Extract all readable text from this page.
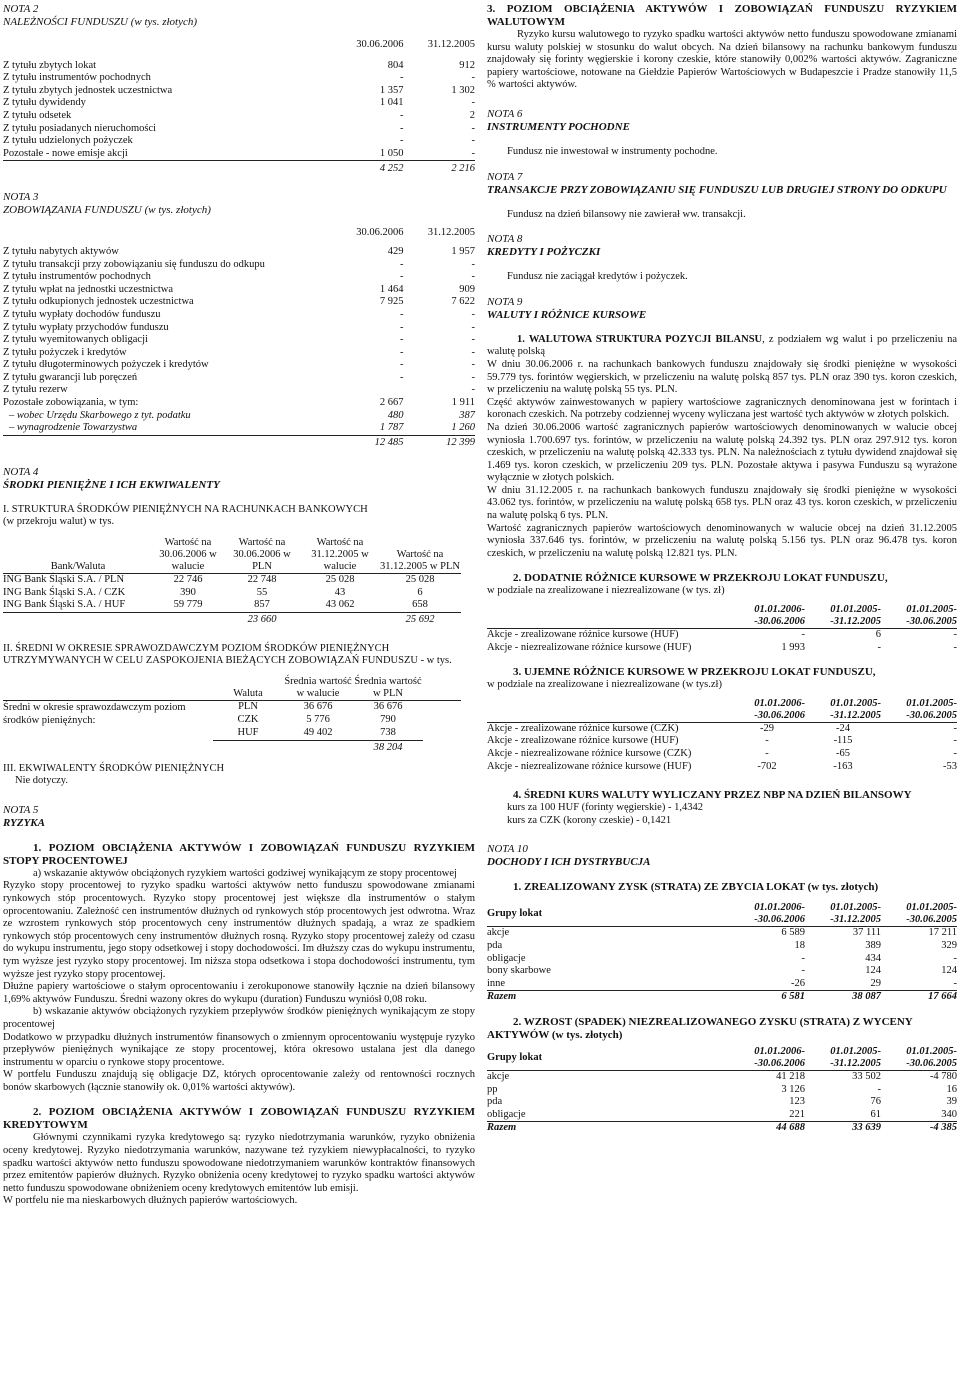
NOTA 2
NALEŻNOŚCI FUNDUSZU (w tys. złotych)
	30.06.2006	31.12.2005

Z tytułu zbytych lokat	804	912
Z tytułu instrumentów pochodnych	-	-
Z tytułu zbytych jednostek uczestnictwa	1 357	1 302
Z tytułu dywidendy	1 041	-
Z tytułu odsetek	-	2
Z tytułu posiadanych nieruchomości	-	-
Z tytułu udzielonych pożyczek	-	-
Pozostałe - nowe emisje akcji	1 050	-
	4 252	2 216
NOTA 3
ZOBOWIĄZANIA FUNDUSZU (w tys. złotych)
	30.06.2006	31.12.2005

Z tytułu nabytych aktywów	429	1 957
Z tytułu transakcji przy zobowiązaniu się funduszu do odkupu	-	-
Z tytułu instrumentów pochodnych	-	-
Z tytułu wpłat na jednostki uczestnictwa	1 464	909
Z tytułu odkupionych jednostek uczestnictwa	7 925	7 622
Z tytułu wypłaty dochodów funduszu	-	-
Z tytułu wypłaty przychodów funduszu	-	-
Z tytułu wyemitowanych obligacji	-	-
Z tytułu pożyczek i kredytów	-	-
Z tytułu długoterminowych pożyczek i kredytów	-	-
Z tytułu gwarancji lub poręczeń	-	-
Z tytułu rezerw		-
Pozostałe zobowiązania, w tym:	2 667	1 911
– wobec Urzędu Skarbowego z tyt. podatku	480	387
– wynagrodzenie Towarzystwa	1 787	1 260
	12 485	12 399
NOTA 4
ŚRODKI PIENIĘŻNE I ICH EKWIWALENTY
I. STRUKTURA ŚRODKÓW PIENIĘŻNYCH NA RACHUNKACH BANKOWYCH
(w przekroju walut) w tys.
Bank/Waluta	Wartość na 30.06.2006 w walucie	Wartość na 30.06.2006 w PLN	Wartość na 31.12.2005 w walucie	Wartość na 31.12.2005 w PLN
ING Bank Śląski S.A. / PLN	22 746	22 748	25 028	25 028
ING Bank Śląski S.A. / CZK	390	55	43	6
ING Bank Śląski S.A. / HUF	59 779	857	43 062	658
		23 660		25 692
II. ŚREDNI W OKRESIE SPRAWOZDAWCZYM POZIOM ŚRODKÓW PIENIĘŻNYCH UTRZYMYWANYCH W CELU ZASPOKOJENIA BIEŻĄCYCH ZOBOWIĄZAŃ FUNDUSZU - w tys.
	Waluta	Średnia wartość w walucie	Średnia wartość w PLN	
Średni w okresie sprawozdawczym poziom środków pieniężnych:	PLN	36 676	36 676	
	CZK	5 776	790	
	HUF	49 402	738	
			38 204	
III. EKWIWALENTY ŚRODKÓW PIENIĘŻNYCH
Nie dotyczy.
NOTA 5
RYZYKA
1. POZIOM OBCIĄŻENIA AKTYWÓW I ZOBOWIĄZAŃ FUNDUSZU RYZYKIEM STOPY PROCENTOWEJ

a) wskazanie aktywów obciążonych ryzykiem wartości godziwej wynikającym ze stopy procentowej

Ryzyko stopy procentowej to ryzyko spadku wartości aktywów netto funduszu spowodowane zmianami rynkowych stóp procentowych. Ryzyko stopy procentowej jest większe dla instrumentów o stałym oprocentowaniu. Zależność cen instrumentów dłużnych od rynkowych stóp procentowych jest odwrotna. Wraz ze wzrostem rynkowych stóp procentowych ceny instrumentów dłużnych spadają, a wraz ze spadkiem rynkowych stóp procentowych ceny instrumentów dłużnych rosną. Ryzyko stopy procentowej zależy od czasu do wykupu instrumentu, jego stopy odsetkowej i stopy dochodowości. Im dłuższy czas do wykupu instrumentu, tym wyższe jest ryzyko stopy procentowej. Im niższa stopa odsetkowa i stopa dochodowości instrumentu, tym wyższe jest ryzyko stopy procentowej.

Dłużne papiery wartościowe o stałym oprocentowaniu i zerokuponowe stanowiły łącznie na dzień bilansowy 1,69% aktywów Funduszu. Średni wazony okres do wykupu (duration) Funduszu wyniósł 0,08 roku.

b) wskazanie aktywów obciążonych ryzykiem przepływów środków pieniężnych wynikającym ze stopy procentowej

Dodatkowo w przypadku dłużnych instrumentów finansowych o zmiennym oprocentowaniu występuje ryzyko przepływów pieniężnych wynikające ze stopy procentowej, która okresowo ustalana jest dla danego instrumentu w oparciu o rynkowe stopy procentowe.

W portfelu Funduszu znajdują się obligacje DZ, których oprocentowanie zależy od rentowności rocznych bonów skarbowych (łącznie stanowiły ok. 0,01% wartości aktywów).

2. POZIOM OBCIĄŻENIA AKTYWÓW I ZOBOWIĄZAŃ FUNDUSZU RYZYKIEM KREDYTOWYM

Głównymi czynnikami ryzyka kredytowego są: ryzyko niedotrzymania warunków, ryzyko obniżenia oceny kredytowej. Ryzyko niedotrzymania warunków, nazywane też ryzykiem niewypłacalności, to ryzyko spadku wartości aktywów netto funduszu spowodowane niedotrzymaniem warunków kontraktów finansowych przez emitentów papierów dłużnych. Ryzyko obniżenia oceny kredytowej to ryzyko spadku wartości aktywów netto funduszu spowodowane obniżeniem oceny kredytowych emitentów lub emisji.

W portfelu nie ma nieskarbowych dłużnych papierów wartościowych.

3. POZIOM OBCIĄŻENIA AKTYWÓW I ZOBOWIĄZAŃ FUNDUSZU RYZYKIEM WALUTOWYM

Ryzyko kursu walutowego to ryzyko spadku wartości aktywów netto funduszu spowodowane zmianami kursu waluty polskiej w stosunku do walut obcych. Na dzień bilansowy na rachunku bankowym funduszu znajdowały się forinty węgierskie i korony czeskie, które stanowiły 0,002% wartości aktywów. Zagraniczne papiery wartościowe, notowane na Giełdzie Papierów Wartościowych w Budapeszcie i Pradze stanowiły 11,5 % wartości aktywów.

NOTA 6
INSTRUMENTY POCHODNE

Fundusz nie inwestował w instrumenty pochodne.

NOTA 7
TRANSAKCJE PRZY ZOBOWIĄZANIU SIĘ FUNDUSZU LUB DRUGIEJ STRONY DO ODKUPU

Fundusz na dzień bilansowy nie zawierał ww. transakcji.

NOTA 8
KREDYTY I POŻYCZKI

Fundusz nie zaciągał kredytów i pożyczek.

NOTA 9
WALUTY I RÓŻNICE KURSOWE

1. WALUTOWA STRUKTURA POZYCJI BILANSU, z podziałem wg walut i po przeliczeniu na walutę polską

W dniu 30.06.2006 r. na rachunkach bankowych funduszu znajdowały się środki pieniężne w wysokości 59.779 tys. forintów węgierskich, w przeliczeniu na walutę polską 857 tys. PLN oraz 390 tys. koron czeskich, w przeliczeniu na walutę polską 55 tys. PLN.

Część aktywów zainwestowanych w papiery wartościowe zagranicznych denominowana jest w forintach i koronach czeskich. Na potrzeby codziennej wyceny wyliczana jest wartość tych aktywów w złotych polskich.

Na dzień 30.06.2006 wartość zagranicznych papierów wartościowych denominowanych w walucie obcej wyniosła 1.700.697 tys. forintów, w przeliczeniu na walutę polską 24.392 tys. PLN oraz 297.912 tys. koron czeskich, w przeliczeniu na walutę polską 42.333 tys. PLN. Na należnościach z tytułu dywidend znajdował się 1.469 tys. koron czeskich, w przeliczeniu 209 tys. PLN. Pozostałe aktywa i pasywa Funduszu są wyrażone wyłącznie w złotych polskich.

W dniu 31.12.2005 r. na rachunkach bankowych funduszu znajdowały się środki pieniężne w wysokości 43.062 tys. forintów, w przeliczeniu na walutę polską 658 tys. PLN oraz 43 tys. koron czeskich, w przeliczeniu na walutę polską 6 tys. PLN.

Wartość zagranicznych papierów wartościowych denominowanych w walucie obcej na dzień 31.12.2005 wyniosła 337.646 tys. forintów, w przeliczeniu na walutę polską 5.156 tys. PLN oraz 96.478 tys. koron czeskich, w przeliczeniu na walutę polską 12.821 tys. PLN.

2. DODATNIE RÓŻNICE KURSOWE W PRZEKROJU LOKAT FUNDUSZU,
w podziale na zrealizowane i niezrealizowane (w tys. zł)
	01.01.2006- -30.06.2006	01.01.2005- -31.12.2005	01.01.2005- -30.06.2005
Akcje - zrealizowane różnice kursowe (HUF)	-	6	-
Akcje - niezrealizowane różnice kursowe (HUF)	1 993	-	-
3. UJEMNE RÓŻNICE KURSOWE W PRZEKROJU LOKAT FUNDUSZU,
w podziale na zrealizowane i niezrealizowane (w tys.zł)
	01.01.2006- -30.06.2006	01.01.2005- -31.12.2005	01.01.2005- -30.06.2005
Akcje - zrealizowane różnice kursowe (CZK)	-29	-24	-
Akcje - zrealizowane różnice kursowe (HUF)	-	-115	-
Akcje - niezrealizowane różnice kursowe (CZK)	-	-65	-
Akcje - niezrealizowane różnice kursowe (HUF)	-702	-163	-53
4. ŚREDNI KURS WALUTY WYLICZANY PRZEZ NBP NA DZIEŃ BILANSOWY
kurs za 100 HUF (forinty węgierskie) - 1,4342
kurs za CZK (korony czeskie) - 0,1421
NOTA 10
DOCHODY I ICH DYSTRYBUCJA
1. ZREALIZOWANY ZYSK (STRATA) ZE ZBYCIA LOKAT (w tys. złotych)
Grupy lokat	01.01.2006- -30.06.2006	01.01.2005- -31.12.2005	01.01.2005- -30.06.2005
akcje	6 589	37 111	17 211
pda	18	389	329
obligacje	-	434	-
bony skarbowe	-	124	124
inne	-26	29	-
Razem	6 581	38 087	17 664
2. WZROST (SPADEK) NIEZREALIZOWANEGO ZYSKU (STRATA) Z WYCENY AKTYWÓW (w tys. złotych)
Grupy lokat	01.01.2006- -30.06.2006	01.01.2005- -31.12.2005	01.01.2005- -30.06.2005
akcje	41 218	33 502	-4 780
pp	3 126	-	16
pda	123	76	39
obligacje	221	61	340
Razem	44 688	33 639	-4 385
